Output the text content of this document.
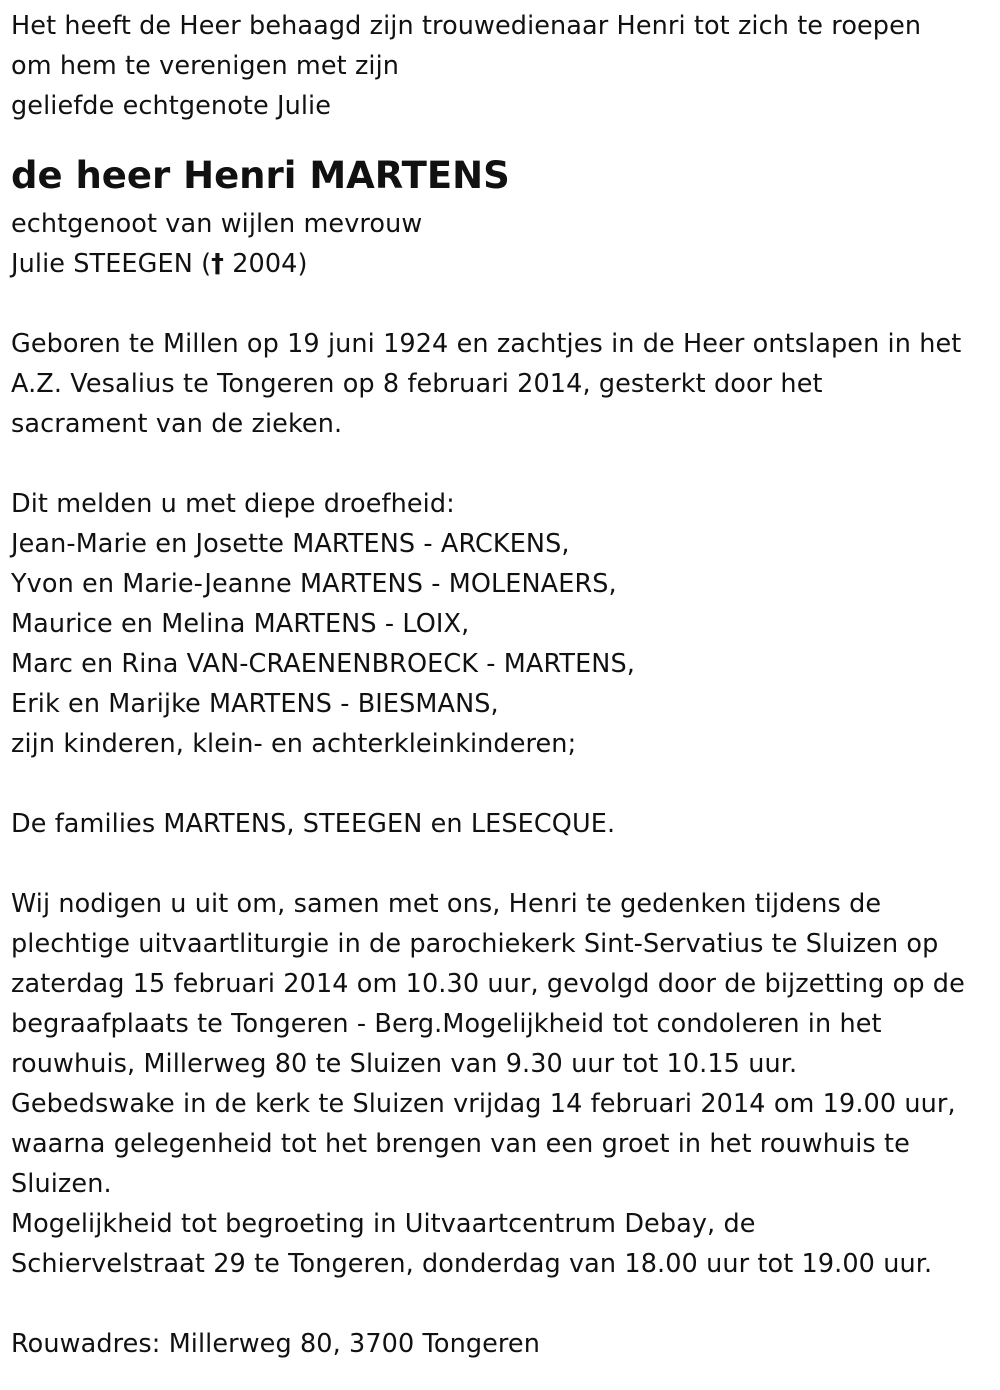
Het heeft de Heer behaagd zijn trouwedienaar Henri tot zich te roepen
om hem te verenigen met zijn
geliefde echtgenote Julie
de heer Henri MARTENS
echtgenoot van wijlen mevrouw
Julie STEEGEN († 2004)
Geboren te Millen op 19 juni 1924 en zachtjes in de Heer ontslapen in het
A.Z. Vesalius te Tongeren op 8 februari 2014, gesterkt door het
sacrament van de zieken.
Dit melden u met diepe droefheid:
Jean-Marie en Josette MARTENS - ARCKENS,
Yvon en Marie-Jeanne MARTENS - MOLENAERS,
Maurice en Melina MARTENS - LOIX,
Marc en Rina VAN-CRAENENBROECK - MARTENS,
Erik en Marijke MARTENS - BIESMANS,
zijn kinderen, klein- en achterkleinkinderen;
De families MARTENS, STEEGEN en LESECQUE.
Wij nodigen u uit om, samen met ons, Henri te gedenken tijdens de
plechtige uitvaartliturgie in de parochiekerk Sint-Servatius te Sluizen op
zaterdag 15 februari 2014 om 10.30 uur, gevolgd door de bijzetting op de
begraafplaats te Tongeren - Berg.Mogelijkheid tot condoleren in het
rouwhuis, Millerweg 80 te Sluizen van 9.30 uur tot 10.15 uur.
Gebedswake in de kerk te Sluizen vrijdag 14 februari 2014 om 19.00 uur,
waarna gelegenheid tot het brengen van een groet in het rouwhuis te
Sluizen.
Mogelijkheid tot begroeting in Uitvaartcentrum Debay, de
Schiervelstraat 29 te Tongeren, donderdag van 18.00 uur tot 19.00 uur.
Rouwadres: Millerweg 80, 3700 Tongeren
